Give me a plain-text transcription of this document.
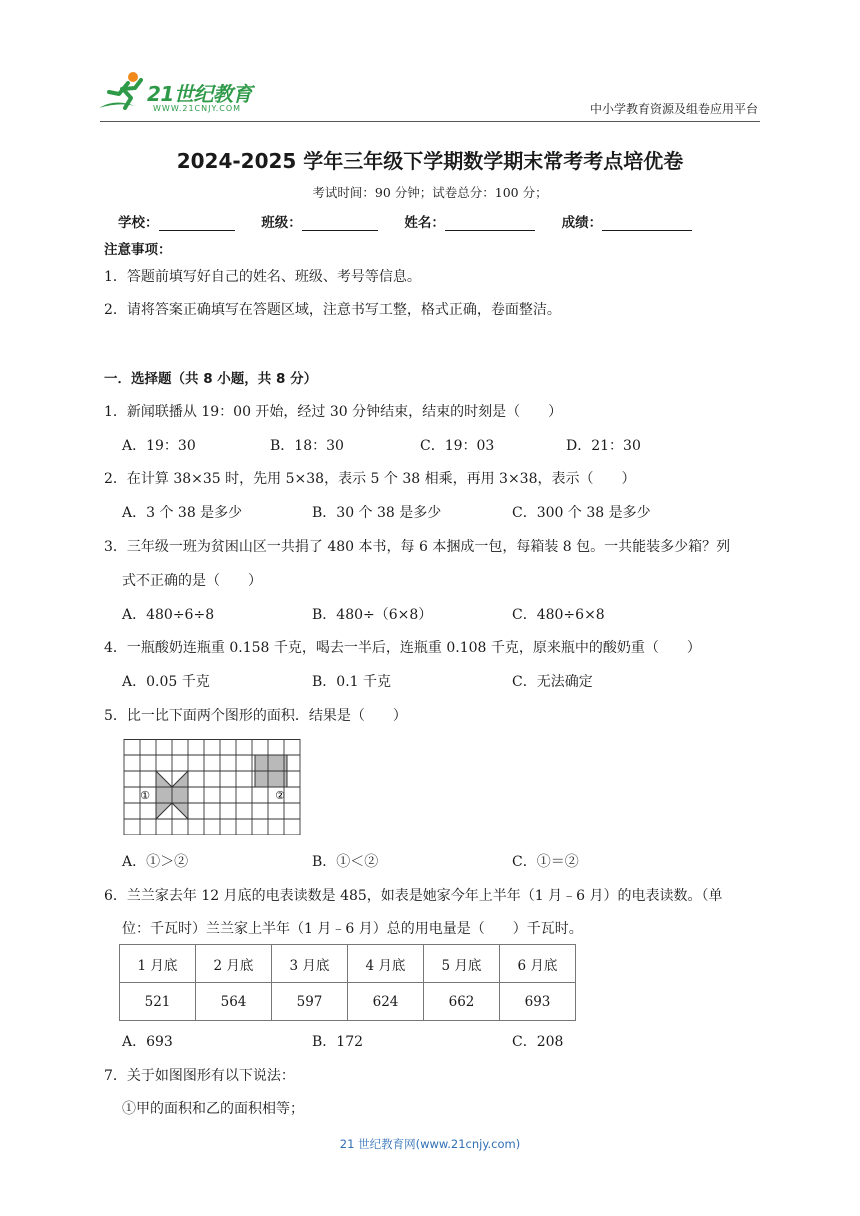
21世纪教育
WWW.21CNJY.COM	中小学教育资源及组卷应用平台
2024-2025 学年三年级下学期数学期末常考考点培优卷
考试时间：90 分钟；试卷总分：100 分；
学校：	班级：	姓名：	成绩：
注意事项：
1．答题前填写好自己的姓名、班级、考号等信息。
2．请将答案正确填写在答题区域，注意书写工整，格式正确，卷面整洁。
一．选择题（共 8 小题，共 8 分）
1．新闻联播从 19：00 开始，经过 30 分钟结束，结束的时刻是（　　）
A．19：30	B．18：30	C．19：03	D．21：30
2．在计算 38×35 时，先用 5×38，表示 5 个 38 相乘，再用 3×38，表示（　　）
A．3 个 38 是多少	B．30 个 38 是多少	C．300 个 38 是多少
3．三年级一班为贫困山区一共捐了 480 本书，每 6 本捆成一包，每箱装 8 包。一共能装多少箱？列
式不正确的是（　　）
A．480÷6÷8	B．480÷（6×8）	C．480÷6×8
4．一瓶酸奶连瓶重 0.158 千克，喝去一半后，连瓶重 0.108 千克，原来瓶中的酸奶重（　　）
A．0.05 千克	B．0.1 千克	C．无法确定
5．比一比下面两个图形的面积．结果是（　　）
①	②
A．①＞②	B．①＜②	C．①＝②
6．兰兰家去年 12 月底的电表读数是 485，如表是她家今年上半年（1 月﹣6 月）的电表读数。（单
位：千瓦时）兰兰家上半年（1 月﹣6 月）总的用电量是（　　）千瓦时。
1 月底	2 月底	3 月底	4 月底	5 月底	6 月底
521	564	597	624	662	693
A．693	B．172	C．208
7．关于如图图形有以下说法：
①甲的面积和乙的面积相等；
21 世纪教育网(www.21cnjy.com)
